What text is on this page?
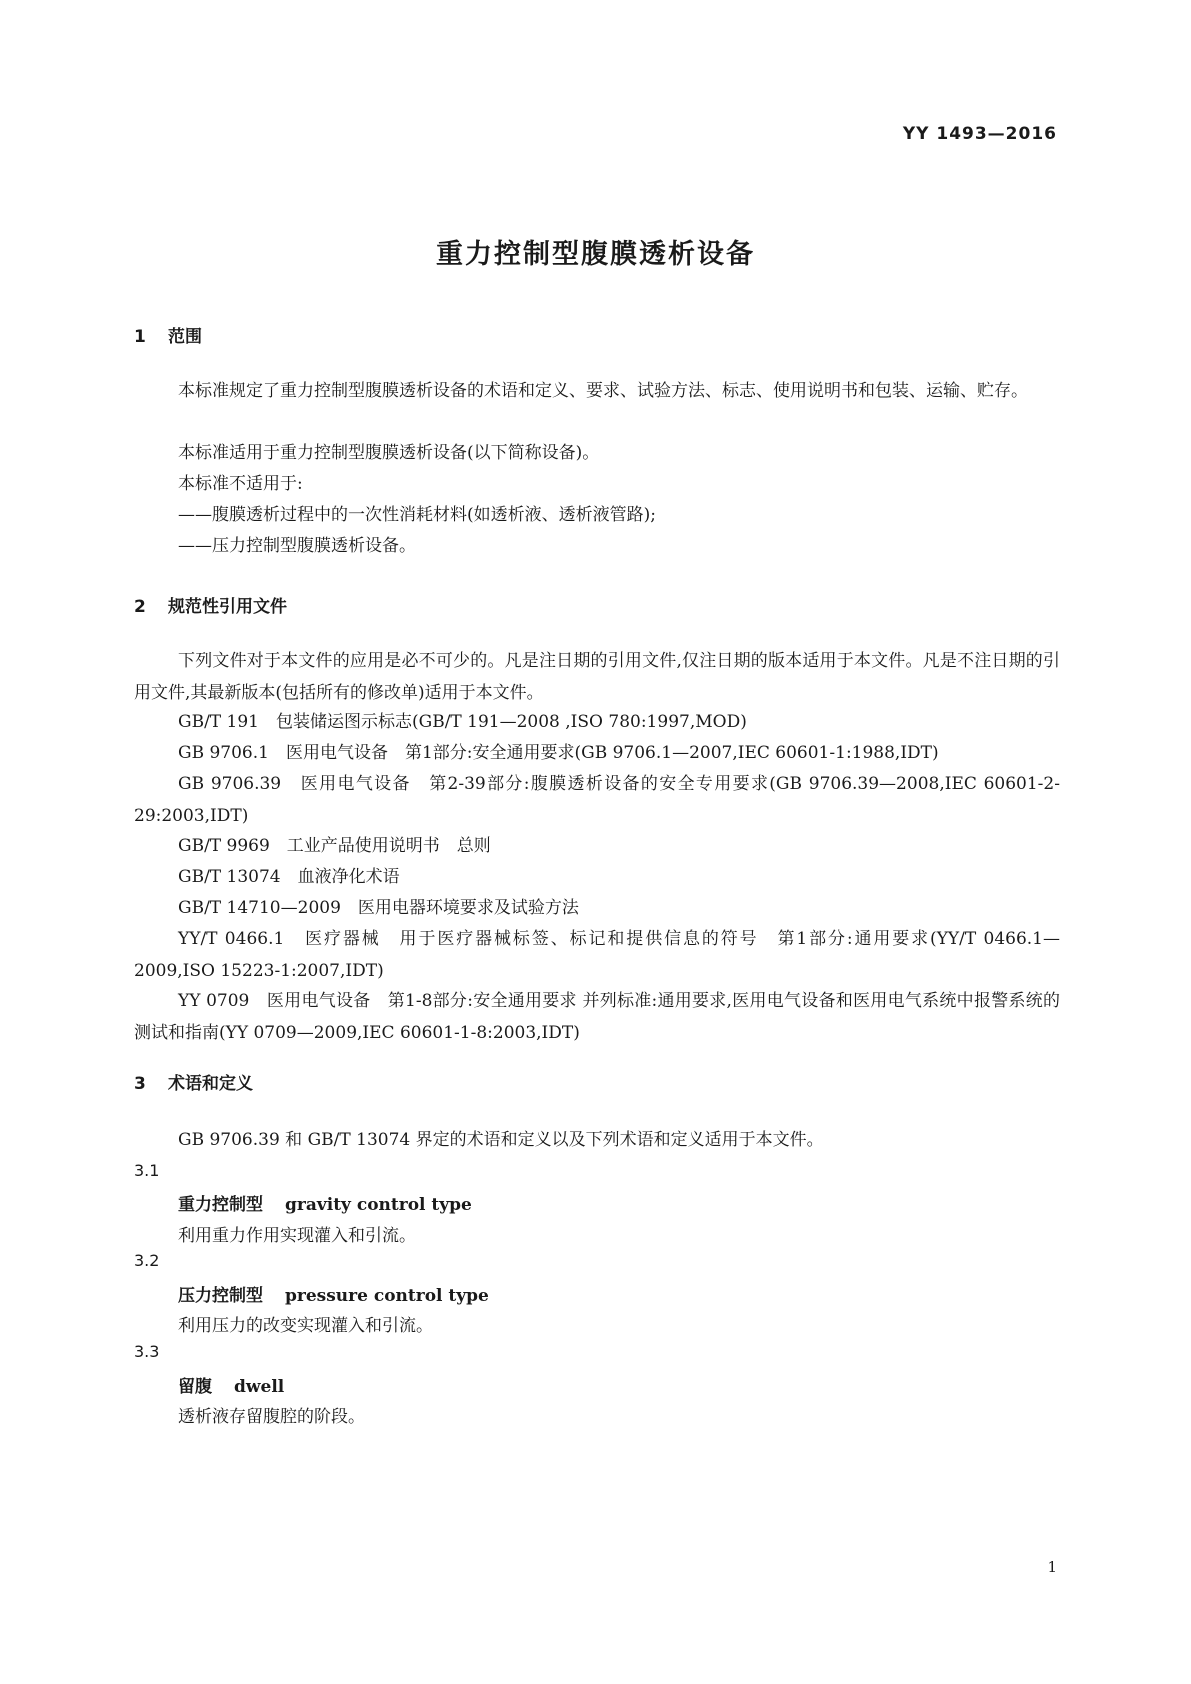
YY 1493—2016
重力控制型腹膜透析设备
1 范围
本标准规定了重力控制型腹膜透析设备的术语和定义、要求、试验方法、标志、使用说明书和包装、运输、贮存。
本标准适用于重力控制型腹膜透析设备(以下简称设备)。
本标准不适用于:
——腹膜透析过程中的一次性消耗材料(如透析液、透析液管路);
——压力控制型腹膜透析设备。
2 规范性引用文件
下列文件对于本文件的应用是必不可少的。凡是注日期的引用文件,仅注日期的版本适用于本文件。凡是不注日期的引用文件,其最新版本(包括所有的修改单)适用于本文件。
GB/T 191　包装储运图示标志(GB/T 191—2008 ,ISO 780:1997,MOD)
GB 9706.1　医用电气设备　第1部分:安全通用要求(GB 9706.1—2007,IEC 60601-1:1988,IDT)
GB 9706.39　医用电气设备　第2-39部分:腹膜透析设备的安全专用要求(GB 9706.39—2008,IEC 60601-2-29:2003,IDT)
GB/T 9969　工业产品使用说明书　总则
GB/T 13074　血液净化术语
GB/T 14710—2009　医用电器环境要求及试验方法
YY/T 0466.1　医疗器械　用于医疗器械标签、标记和提供信息的符号　第1部分:通用要求(YY/T 0466.1—2009,ISO 15223-1:2007,IDT)
YY 0709　医用电气设备　第1-8部分:安全通用要求 并列标准:通用要求,医用电气设备和医用电气系统中报警系统的测试和指南(YY 0709—2009,IEC 60601-1-8:2003,IDT)
3 术语和定义
GB 9706.39 和 GB/T 13074 界定的术语和定义以及下列术语和定义适用于本文件。
3.1
重力控制型 gravity control type
利用重力作用实现灌入和引流。
3.2
压力控制型 pressure control type
利用压力的改变实现灌入和引流。
3.3
留腹 dwell
透析液存留腹腔的阶段。
1
